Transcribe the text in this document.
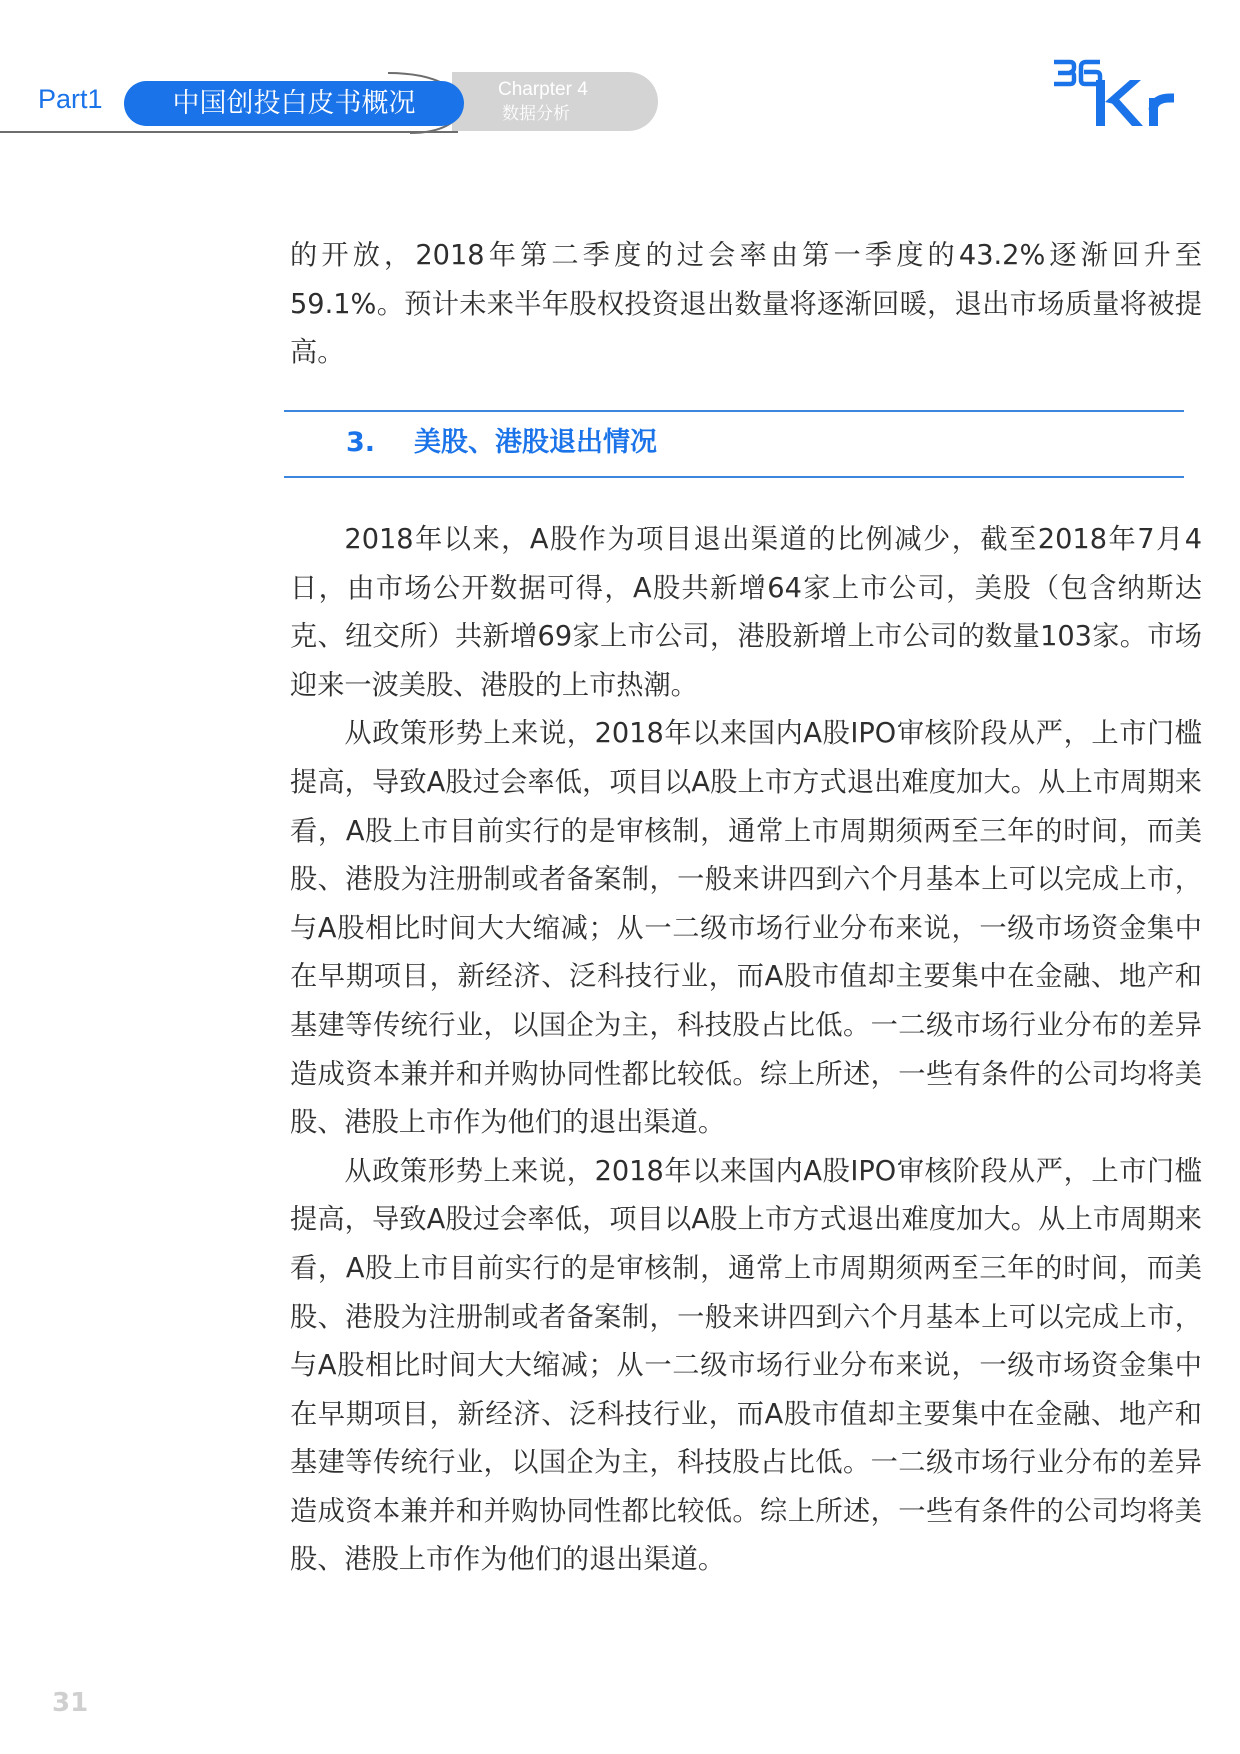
Part1	Charpter 4
数据分析
中国创投白皮书概况

的开放，2018年第二季度的过会率由第一季度的43.2%逐渐回升至59.1%。预计未来半年股权投资退出数量将逐渐回暖，退出市场质量将被提高。

3. 美股、港股退出情况

2018年以来，A股作为项目退出渠道的比例减少，截至2018年7月4日，由市场公开数据可得，A股共新增64家上市公司，美股（包含纳斯达克、纽交所）共新增69家上市公司，港股新增上市公司的数量103家。市场迎来一波美股、港股的上市热潮。

从政策形势上来说，2018年以来国内A股IPO审核阶段从严，上市门槛提高，导致A股过会率低，项目以A股上市方式退出难度加大。从上市周期来看，A股上市目前实行的是审核制，通常上市周期须两至三年的时间，而美股、港股为注册制或者备案制，一般来讲四到六个月基本上可以完成上市，与A股相比时间大大缩减；从一二级市场行业分布来说，一级市场资金集中在早期项目，新经济、泛科技行业，而A股市值却主要集中在金融、地产和基建等传统行业，以国企为主，科技股占比低。一二级市场行业分布的差异造成资本兼并和并购协同性都比较低。综上所述，一些有条件的公司均将美股、港股上市作为他们的退出渠道。

从政策形势上来说，2018年以来国内A股IPO审核阶段从严，上市门槛提高，导致A股过会率低，项目以A股上市方式退出难度加大。从上市周期来看，A股上市目前实行的是审核制，通常上市周期须两至三年的时间，而美股、港股为注册制或者备案制，一般来讲四到六个月基本上可以完成上市，与A股相比时间大大缩减；从一二级市场行业分布来说，一级市场资金集中在早期项目，新经济、泛科技行业，而A股市值却主要集中在金融、地产和基建等传统行业，以国企为主，科技股占比低。一二级市场行业分布的差异造成资本兼并和并购协同性都比较低。综上所述，一些有条件的公司均将美股、港股上市作为他们的退出渠道。

31
